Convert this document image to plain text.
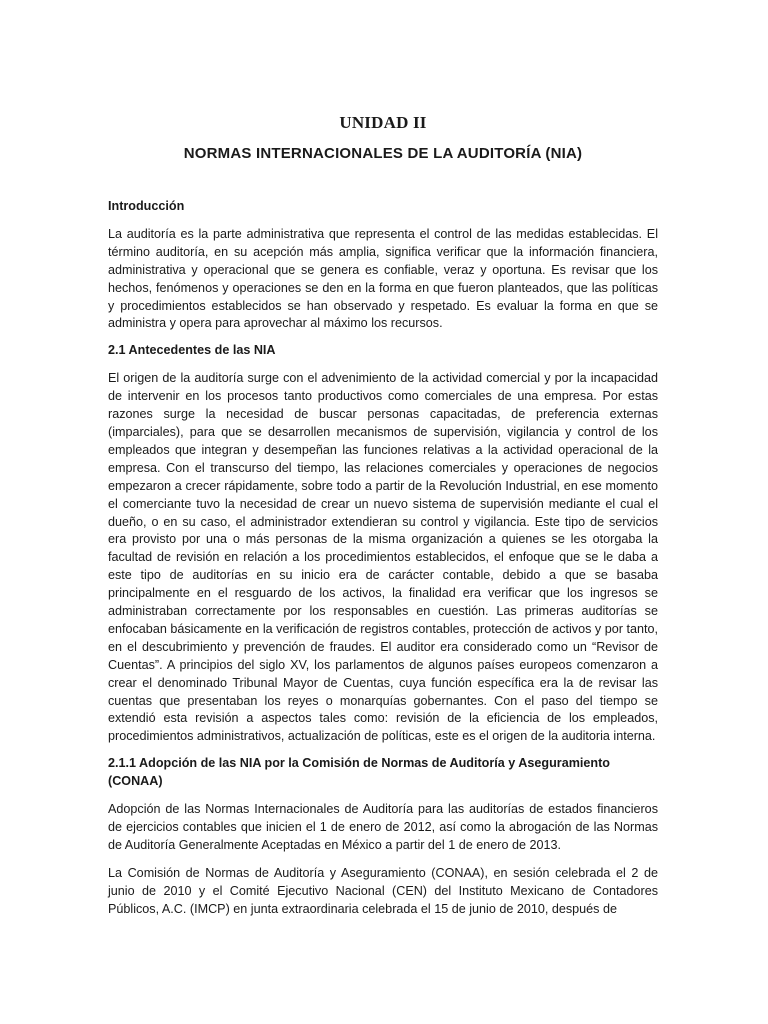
UNIDAD II
NORMAS INTERNACIONALES DE LA AUDITORÍA (NIA)

Introducción

La auditoría es la parte administrativa que representa el control de las medidas establecidas. El término auditoría, en su acepción más amplia, significa verificar que la información financiera, administrativa y operacional que se genera es confiable, veraz y oportuna. Es revisar que los hechos, fenómenos y operaciones se den en la forma en que fueron planteados, que las políticas y procedimientos establecidos se han observado y respetado. Es evaluar la forma en que se administra y opera para aprovechar al máximo los recursos.

2.1 Antecedentes de las NIA

El origen de la auditoría surge con el advenimiento de la actividad comercial y por la incapacidad de intervenir en los procesos tanto productivos como comerciales de una empresa. Por estas razones surge la necesidad de buscar personas capacitadas, de preferencia externas (imparciales), para que se desarrollen mecanismos de supervisión, vigilancia y control de los empleados que integran y desempeñan las funciones relativas a la actividad operacional de la empresa. Con el transcurso del tiempo, las relaciones comerciales y operaciones de negocios empezaron a crecer rápidamente, sobre todo a partir de la Revolución Industrial, en ese momento el comerciante tuvo la necesidad de crear un nuevo sistema de supervisión mediante el cual el dueño, o en su caso, el administrador extendieran su control y vigilancia. Este tipo de servicios era provisto por una o más personas de la misma organización a quienes se les otorgaba la facultad de revisión en relación a los procedimientos establecidos, el enfoque que se le daba a este tipo de auditorías en su inicio era de carácter contable, debido a que se basaba principalmente en el resguardo de los activos, la finalidad era verificar que los ingresos se administraban correctamente por los responsables en cuestión. Las primeras auditorías se enfocaban básicamente en la verificación de registros contables, protección de activos y por tanto, en el descubrimiento y prevención de fraudes. El auditor era considerado como un “Revisor de Cuentas”. A principios del siglo XV, los parlamentos de algunos países europeos comenzaron a crear el denominado Tribunal Mayor de Cuentas, cuya función específica era la de revisar las cuentas que presentaban los reyes o monarquías gobernantes. Con el paso del tiempo se extendió esta revisión a aspectos tales como: revisión de la eficiencia de los empleados, procedimientos administrativos, actualización de políticas, este es el origen de la auditoria interna.

2.1.1 Adopción de las NIA por la Comisión de Normas de Auditoría y Aseguramiento (CONAA)

Adopción de las Normas Internacionales de Auditoría para las auditorías de estados financieros de ejercicios contables que inicien el 1 de enero de 2012, así como la abrogación de las Normas de Auditoría Generalmente Aceptadas en México a partir del 1 de enero de 2013.

La Comisión de Normas de Auditoría y Aseguramiento (CONAA), en sesión celebrada el 2 de junio de 2010 y el Comité Ejecutivo Nacional (CEN) del Instituto Mexicano de Contadores Públicos, A.C. (IMCP) en junta extraordinaria celebrada el 15 de junio de 2010, después de
